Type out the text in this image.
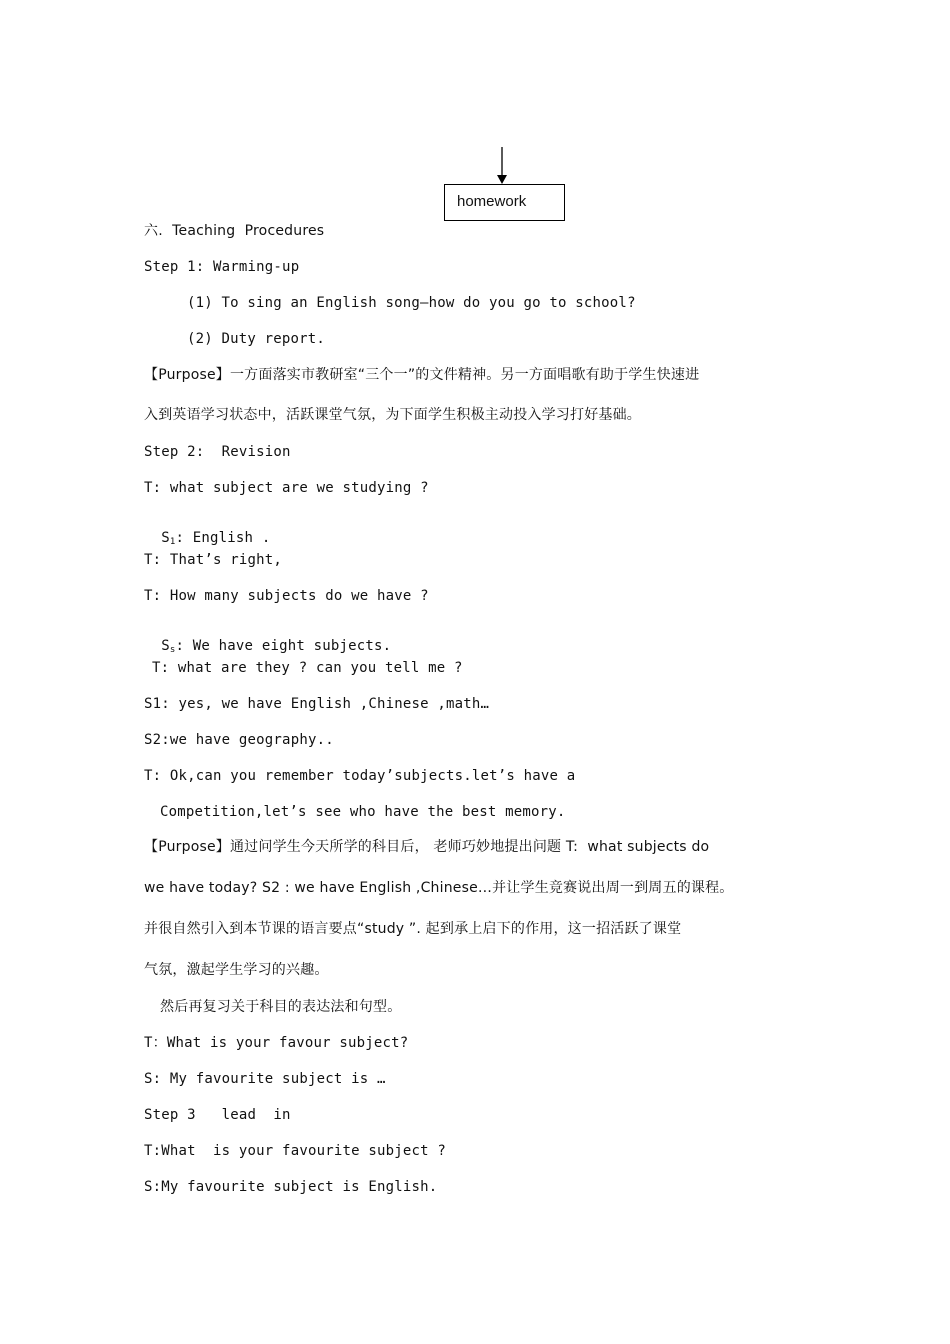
homework
六.  Teaching  Procedures
Step 1: Warming-up
(1) To sing an English song—how do you go to school?
(2) Duty report.
【Purpose】一方面落实市教研室“三个一”的文件精神。另一方面唱歌有助于学生快速进
入到英语学习状态中，活跃课堂气氛，为下面学生积极主动投入学习打好基础。
Step 2:  Revision
T: what subject are we studying ?

$S_1$: English .

T: That’s right,
T: How many subjects do we have ?

$S_s$: We have eight subjects.

T: what are they ? can you tell me ?
S1: yes, we have English ,Chinese ,math…
S2:we have geography..
T: Ok,can you remember today’subjects.let’s have a
Competition,let’s see who have the best memory.
【Purpose】通过问学生今天所学的科目后， 老师巧妙地提出问题 T:  what subjects do
we have today? S2 : we have English ,Chinese…并让学生竞赛说出周一到周五的课程。
并很自然引入到本节课的语言要点“study ”. 起到承上启下的作用，这一招活跃了课堂
气氛，激起学生学习的兴趣。
然后再复习关于科目的表达法和句型。
T：What is your favour subject?
S: My favourite subject is …
Step 3   lead  in
T:What  is your favourite subject ?
S:My favourite subject is English.
